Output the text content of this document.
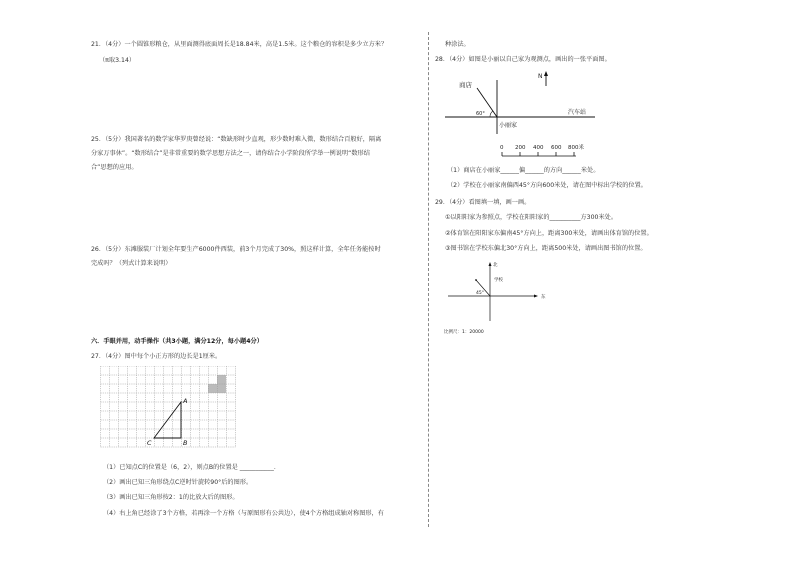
21．（4分）一个圆锥形粮仓，从里面测得底面周长是18.84米，高是1.5米。这个粮仓的容积是多少立方米？
（π取3.14）
25．（5分）我国著名的数学家华罗庚曾经说：“数缺形时少直观，形少数时难入微，数形结合百般好，隔离
分家万事休”。“数形结合”是非常重要的数学思想方法之一，请你结合小学阶段所学举一例说明“数形结
合”思想的应用。
26．（5分）东滩服装厂计划全年要生产6000件西装，前3个月完成了30%，照这样计算，全年任务能按时
完成吗？（列式计算来说明）
六．手眼并用，动手操作（共3小题，满分12分，每小题4分）
27．（4分）图中每个小正方形的边长是1厘米。
A
B
C
（1）已知点C的位置是（6，2），则点B的位置是 ___________．
（2）画出已知三角形绕点C逆时针旋转90°后的图形。
（3）画出已知三角形按2：1的比放大后的图形。
（4）右上角已经涂了3个方格，若再涂一个方格（与原图形有公共边），使4个方格组成轴对称图形，有
种涂法。
28．（4分）如图是小丽以自己家为观测点，画出的一张平面图。
60°
商店
N
汽车站
小丽家
0 200 400 600 800米
（1）商店在小丽家______偏______的方向______米处。
（2）学校在小丽家南偏西45°方向600米处，请在图中标出学校的位置。
29．（4分）看图填一填，画一画。
①以阳阳家为参照点，学校在阳阳家的__________方300米处。
②体育馆在阳阳家东偏南45°方向上，距离300米处，请画出体育馆的位置。
③图书馆在学校东偏北30°方向上，距离500米处，请画出图书馆的位置。
北
学校
45°
东
比例尺：1：20000
